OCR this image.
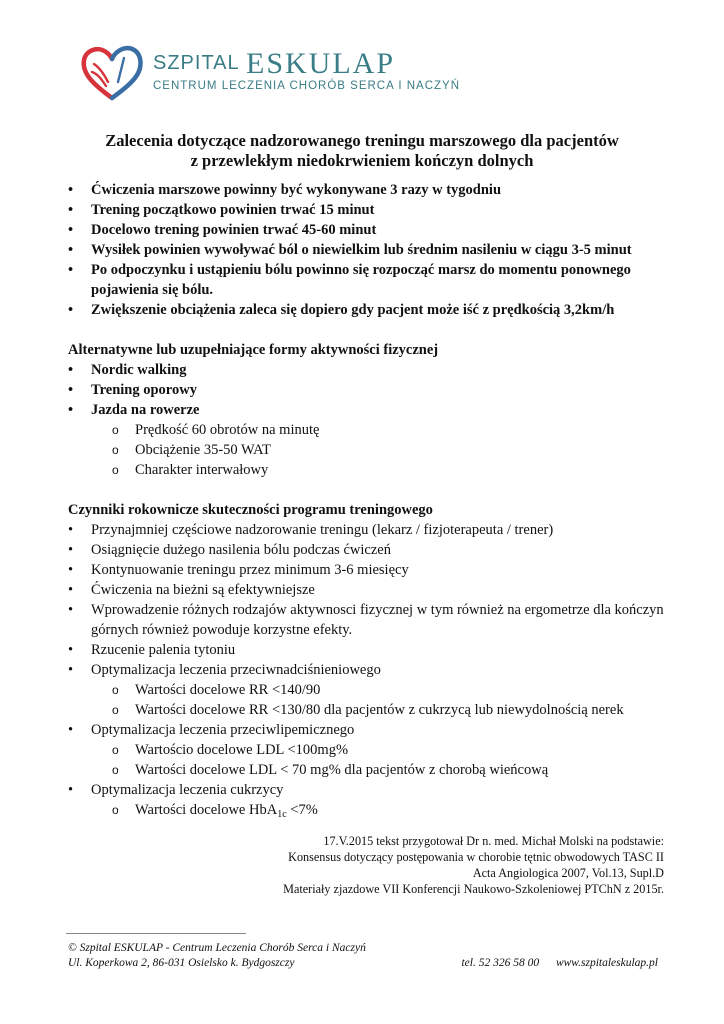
SZPITAL ESKULAP
CENTRUM LECZENIA CHORÓB SERCA I NACZYŃ
Zalecenia dotyczące nadzorowanego treningu marszowego dla pacjentów
z przewlekłym niedokrwieniem kończyn dolnych
• Ćwiczenia marszowe powinny być wykonywane 3 razy w tygodniu
• Trening początkowo powinien trwać 15 minut
• Docelowo trening powinien trwać 45-60 minut
• Wysiłek powinien wywoływać ból o niewielkim lub średnim nasileniu w ciągu 3-5 minut
• Po odpoczynku i ustąpieniu bólu powinno się rozpocząć marsz do momentu ponownego pojawienia się bólu.
• Zwiększenie obciążenia zaleca się dopiero gdy pacjent może iść z prędkością 3,2km/h
Alternatywne lub uzupełniające formy aktywności fizycznej
• Nordic walking
• Trening oporowy
• Jazda na rowerze
o Prędkość 60 obrotów na minutę
o Obciążenie 35-50 WAT
o Charakter interwałowy
Czynniki rokownicze skuteczności programu treningowego
• Przynajmniej częściowe nadzorowanie treningu (lekarz / fizjoterapeuta / trener)
• Osiągnięcie dużego nasilenia bólu podczas ćwiczeń
• Kontynuowanie treningu przez minimum 3-6 miesięcy
• Ćwiczenia na bieżni są efektywniejsze
• Wprowadzenie różnych rodzajów aktywnosci fizycznej w tym również na ergometrze dla kończyn górnych również powoduje korzystne efekty.
• Rzucenie palenia tytoniu
• Optymalizacja leczenia przeciwnadciśnieniowego
o Wartości docelowe RR <140/90
o Wartości docelowe RR <130/80 dla pacjentów z cukrzycą lub niewydolnością nerek
• Optymalizacja leczenia przeciwlipemicznego
o Wartościo docelowe LDL <100mg%
o Wartości docelowe LDL < 70 mg% dla pacjentów z chorobą wieńcową
• Optymalizacja leczenia cukrzycy
o Wartości docelowe HbA$_{1c}$ <7%
17.V.2015 tekst przygotował Dr n. med. Michał Molski na podstawie:
Konsensus dotyczący postępowania w chorobie tętnic obwodowych TASC II
Acta Angiologica 2007, Vol.13, Supl.D
Materiały zjazdowe VII Konferencji Naukowo-Szkoleniowej PTChN z 2015r.
© Szpital ESKULAP - Centrum Leczenia Chorób Serca i Naczyń
Ul. Koperkowa 2, 86-031 Osielsko k. Bydgoszczy	tel. 52 326 58 00 www.szpitaleskulap.pl
